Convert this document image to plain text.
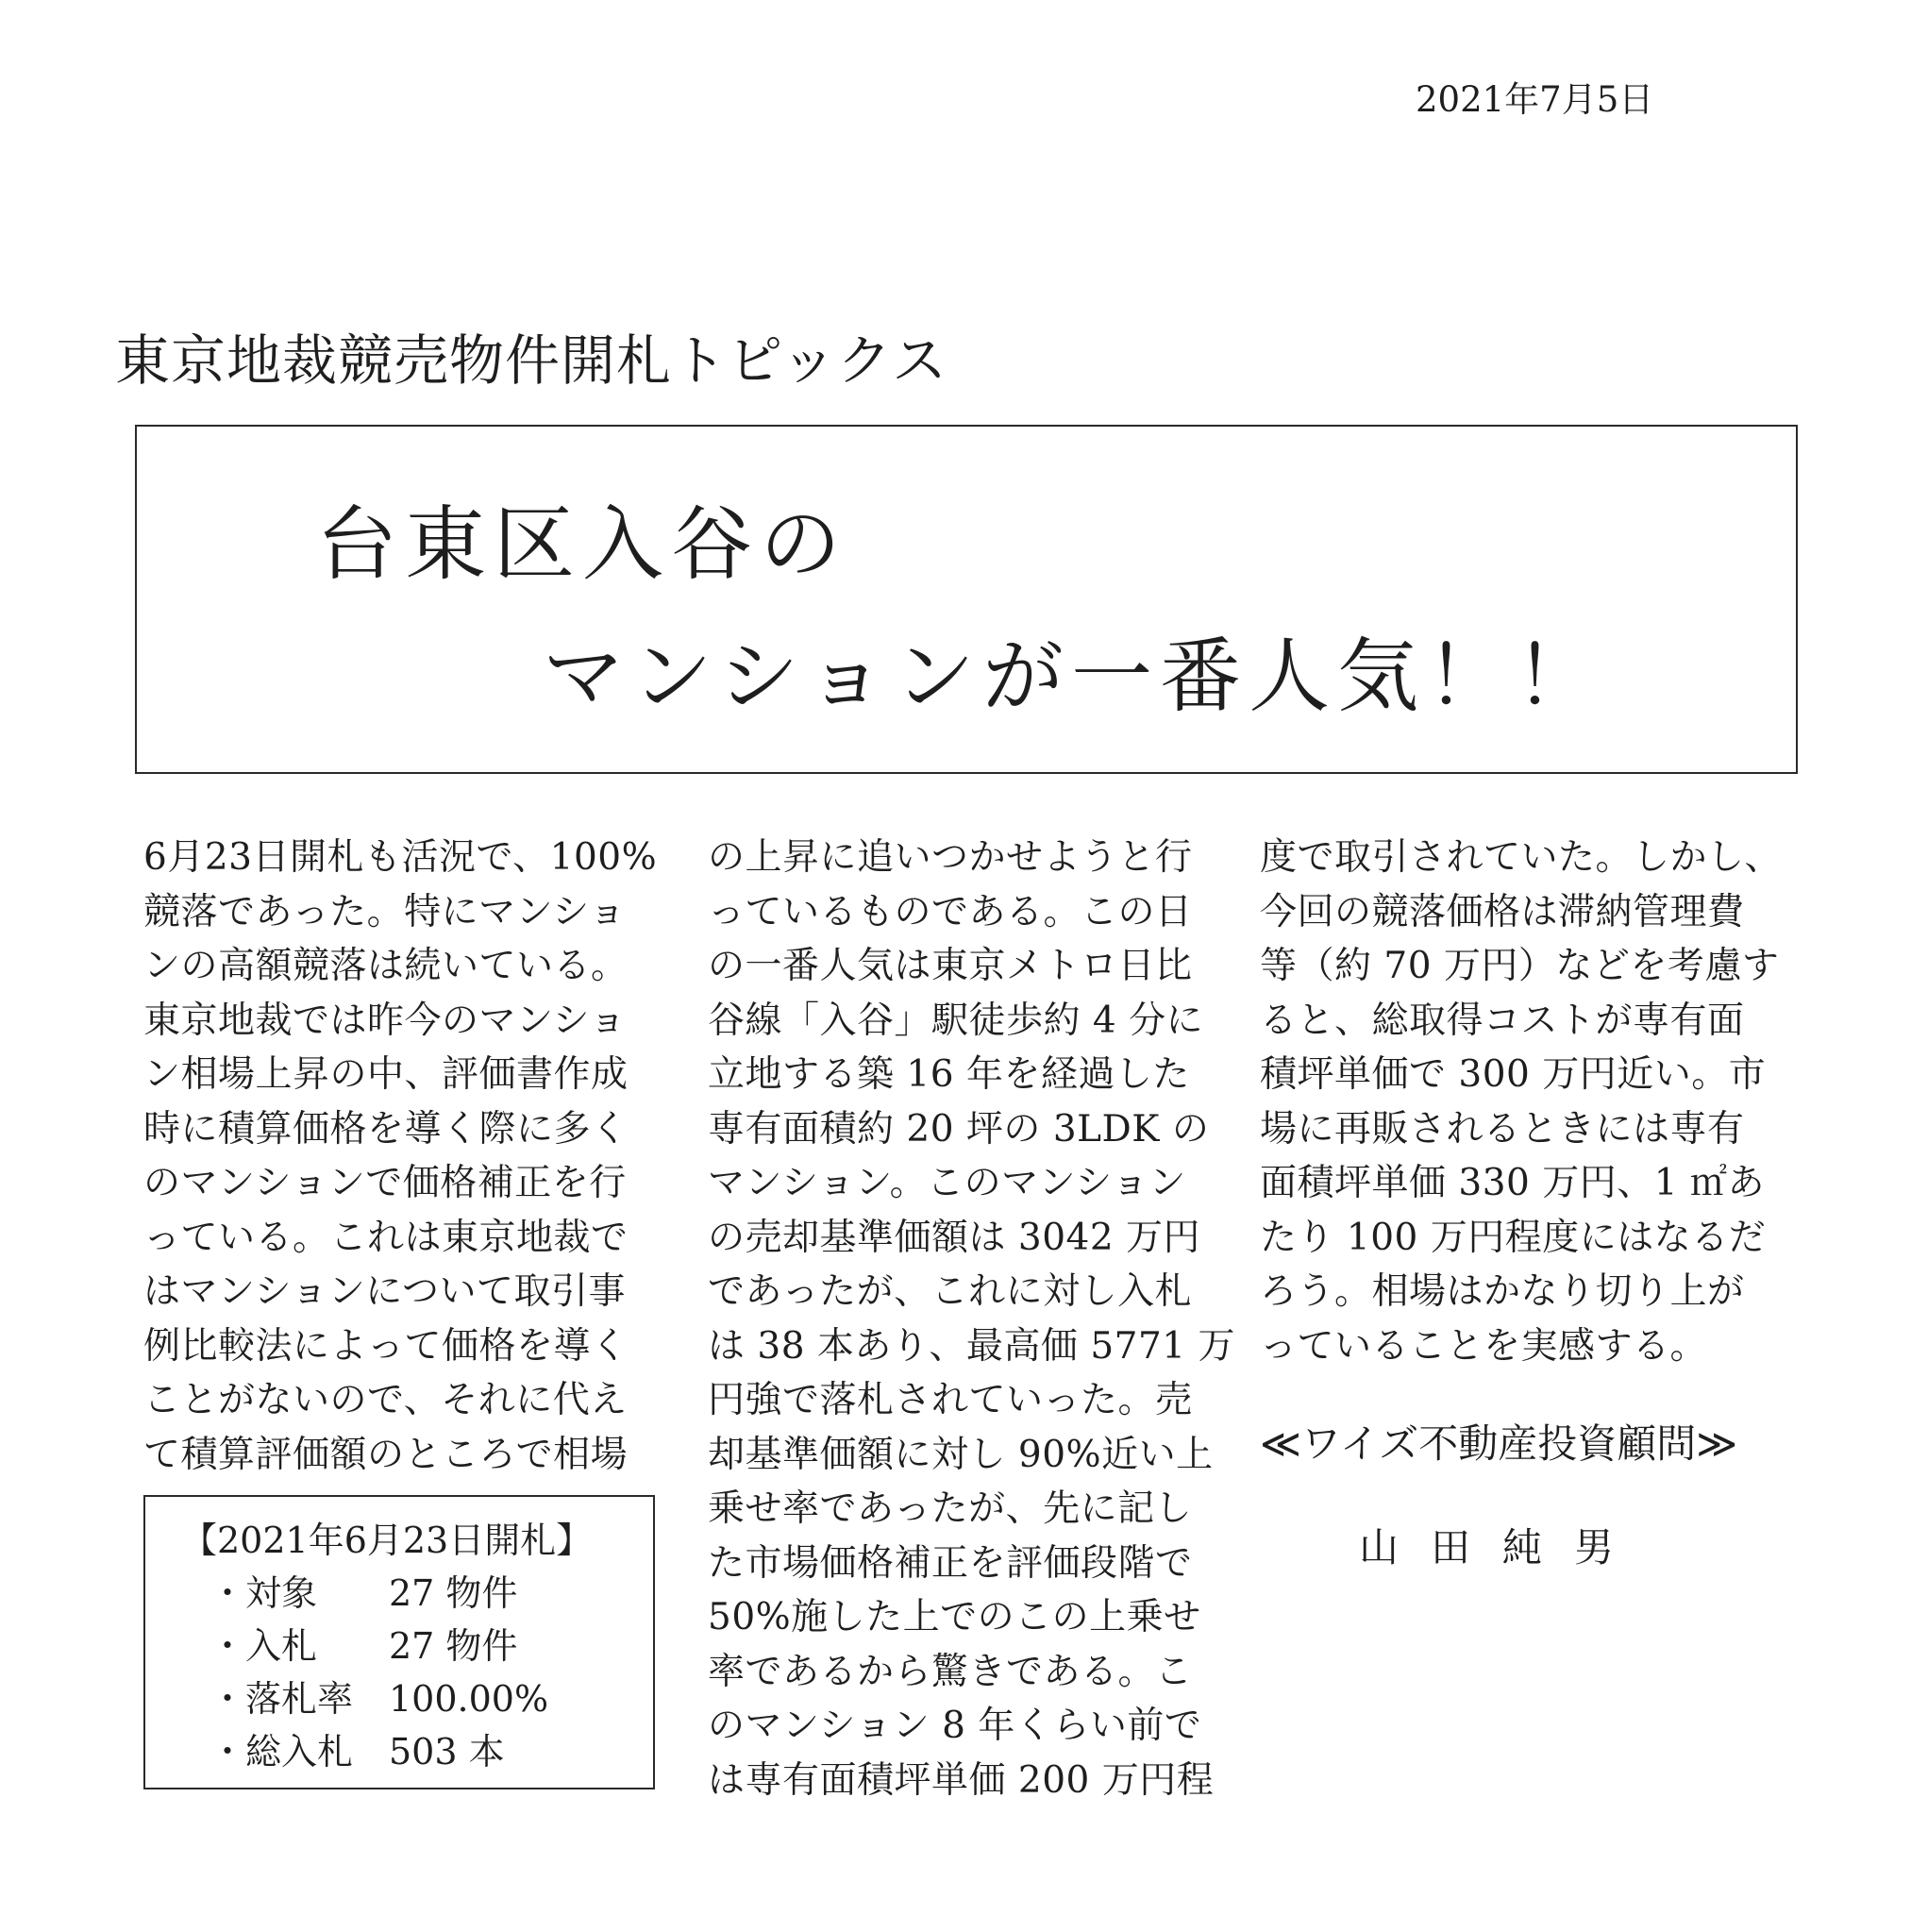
2021年7月5日
東京地裁競売物件開札トピックス
台東区入谷の
マンションが一番人気！！
6月23日開札も活況で、100%
競落であった。特にマンショ
ンの高額競落は続いている。
東京地裁では昨今のマンショ
ン相場上昇の中、評価書作成
時に積算価格を導く際に多く
のマンションで価格補正を行
っている。これは東京地裁で
はマンションについて取引事
例比較法によって価格を導く
ことがないので、それに代え
て積算評価額のところで相場
【2021年6月23日開札】
・対象 27 物件
・入札 27 物件
・落札率 100.00%
・総入札 503 本
の上昇に追いつかせようと行
っているものである。この日
の一番人気は東京メトロ日比
谷線「入谷」駅徒歩約 4 分に
立地する築 16 年を経過した
専有面積約 20 坪の 3LDK の
マンション。このマンション
の売却基準価額は 3042 万円
であったが、これに対し入札
は 38 本あり、最高価 5771 万
円強で落札されていった。売
却基準価額に対し 90%近い上
乗せ率であったが、先に記し
た市場価格補正を評価段階で
50%施した上でのこの上乗せ
率であるから驚きである。こ
のマンション 8 年くらい前で
は専有面積坪単価 200 万円程
度で取引されていた。しかし、
今回の競落価格は滞納管理費
等（約 70 万円）などを考慮す
ると、総取得コストが専有面
積坪単価で 300 万円近い。市
場に再販されるときには専有
面積坪単価 330 万円、1 ㎡あ
たり 100 万円程度にはなるだ
ろう。相場はかなり切り上が
っていることを実感する。
≪ワイズ不動産投資顧問≫
山田純男
